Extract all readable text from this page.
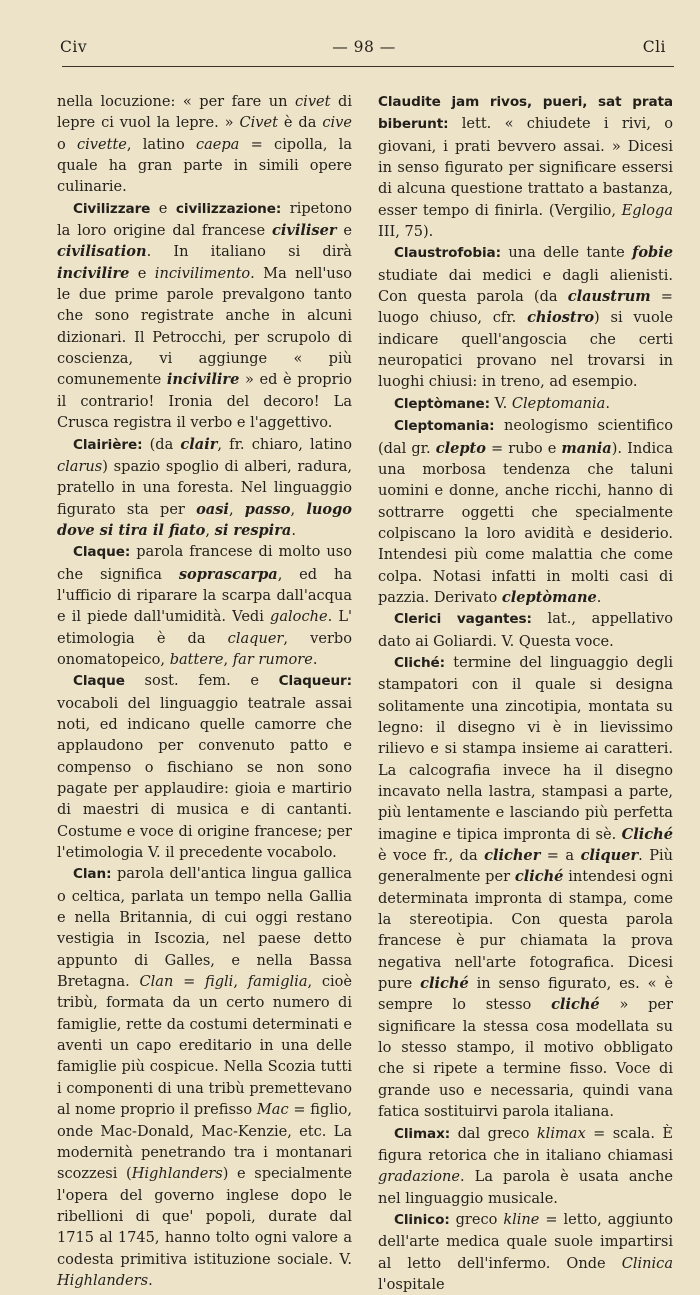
Civ	— 98 —	Cli

nella locuzione: « per fare un civet di lepre ci vuol la lepre. » Civet è da cive o civette, latino caepa = cipolla, la quale ha gran parte in simili opere culinarie.

Civilizzare e civilizzazione: ripetono la loro origine dal francese civiliser e civilisation. In italiano si dirà incivilire e incivilimento. Ma nell'uso le due prime parole prevalgono tanto che sono registrate anche in alcuni dizionari. Il Petrocchi, per scrupolo di coscienza, vi aggiunge « più comunemente incivilire » ed è proprio il contrario! Ironia del decoro! La Crusca registra il verbo e l'aggettivo.

Clairière: (da clair, fr. chiaro, latino clarus) spazio spoglio di alberi, radura, pratello in una foresta. Nel linguaggio figurato sta per oasi, passo, luogo dove si tira il fiato, si respira.

Claque: parola francese di molto uso che significa soprascarpa, ed ha l'ufficio di riparare la scarpa dall'acqua e il piede dall'umidità. Vedi galoche. L' etimologia è da claquer, verbo onomatopeico, battere, far rumore.

Claque sost. fem. e Claqueur: vocaboli del linguaggio teatrale assai noti, ed indicano quelle camorre che applaudono per convenuto patto e compenso o fischiano se non sono pagate per applaudire: gioia e martirio di maestri di musica e di cantanti. Costume e voce di origine francese; per l'etimologia V. il precedente vocabolo.

Clan: parola dell'antica lingua gallica o celtica, parlata un tempo nella Gallia e nella Britannia, di cui oggi restano vestigia in Iscozia, nel paese detto appunto di Galles, e nella Bassa Bretagna. Clan = figli, famiglia, cioè tribù, formata da un certo numero di famiglie, rette da costumi determinati e aventi un capo ereditario in una delle famiglie più cospicue. Nella Scozia tutti i componenti di una tribù premettevano al nome proprio il prefisso Mac = figlio, onde Mac-Donald, Mac-Kenzie, etc. La modernità penetrando tra i montanari scozzesi (Highlanders) e specialmente l'opera del governo inglese dopo le ribellioni di que' popoli, durate dal 1715 al 1745, hanno tolto ogni valore a codesta primitiva istituzione sociale. V. Highlanders.

Claudite jam rivos, pueri, sat prata biberunt: lett. « chiudete i rivi, o giovani, i prati bevvero assai. » Dicesi in senso figurato per significare essersi di alcuna questione trattato a bastanza, esser tempo di finirla. (Vergilio, Egloga III, 75).

Claustrofobia: una delle tante fobie studiate dai medici e dagli alienisti. Con questa parola (da claustrum = luogo chiuso, cfr. chiostro) si vuole indicare quell'angoscia che certi neuropatici provano nel trovarsi in luoghi chiusi: in treno, ad esempio.

Cleptòmane: V. Cleptomania.

Cleptomania: neologismo scientifico (dal gr. clepto = rubo e mania). Indica una morbosa tendenza che taluni uomini e donne, anche ricchi, hanno di sottrarre oggetti che specialmente colpiscano la loro avidità e desiderio. Intendesi più come malattia che come colpa. Notasi infatti in molti casi di pazzia. Derivato cleptòmane.

Clerici vagantes: lat., appellativo dato ai Goliardi. V. Questa voce.

Cliché: termine del linguaggio degli stampatori con il quale si designa solitamente una zincotipia, montata su legno: il disegno vi è in lievissimo rilievo e si stampa insieme ai caratteri. La calcografia invece ha il disegno incavato nella lastra, stampasi a parte, più lentamente e lasciando più perfetta imagine e tipica impronta di sè. Cliché è voce fr., da clicher = a cliquer. Più generalmente per cliché intendesi ogni determinata impronta di stampa, come la stereotipia. Con questa parola francese è pur chiamata la prova negativa nell'arte fotografica. Dicesi pure cliché in senso figurato, es. « è sempre lo stesso cliché » per significare la stessa cosa modellata su lo stesso stampo, il motivo obbligato che si ripete a termine fisso. Voce di grande uso e necessaria, quindi vana fatica sostituirvi parola italiana.

Climax: dal greco klimax = scala. È figura retorica che in italiano chiamasi gradazione. La parola è usata anche nel linguaggio musicale.

Clinico: greco kline = letto, aggiunto dell'arte medica quale suole impartirsi al letto dell'infermo. Onde Clinica l'ospitale
